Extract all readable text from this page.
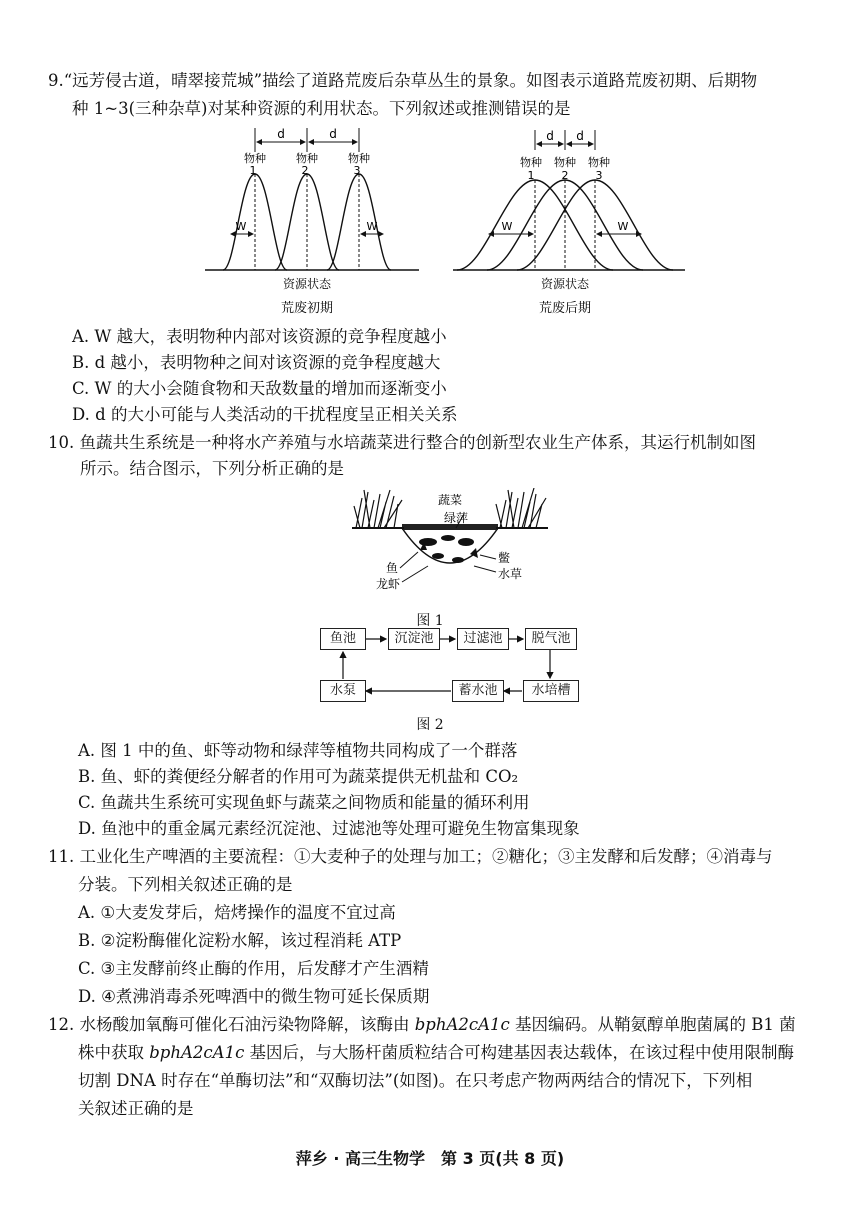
9.“远芳侵古道，晴翠接荒城”描绘了道路荒废后杂草丛生的景象。如图表示道路荒废初期、后期物
种 1~3(三种杂草)对某种资源的利用状态。下列叙述或推测错误的是
d	d
物种	物种	物种
1	2	3
W	W
资源状态
荒废初期
d d
物种 物种 物种
1 2 3
W	W
资源状态
荒废后期
A. W 越大，表明物种内部对该资源的竞争程度越小
B. d 越小，表明物种之间对该资源的竞争程度越大
C. W 的大小会随食物和天敌数量的增加而逐渐变小
D. d 的大小可能与人类活动的干扰程度呈正相关关系
10. 鱼蔬共生系统是一种将水产养殖与水培蔬菜进行整合的创新型农业生产体系，其运行机制如图
所示。结合图示，下列分析正确的是
蔬菜
绿萍
鳖
水草
鱼
龙虾
图 1
鱼池	沉淀池	过滤池	脱气池
水泵	蓄水池	水培槽
图 2
A. 图 1 中的鱼、虾等动物和绿萍等植物共同构成了一个群落
B. 鱼、虾的粪便经分解者的作用可为蔬菜提供无机盐和 CO₂
C. 鱼蔬共生系统可实现鱼虾与蔬菜之间物质和能量的循环利用
D. 鱼池中的重金属元素经沉淀池、过滤池等处理可避免生物富集现象
11. 工业化生产啤酒的主要流程：①大麦种子的处理与加工；②糖化；③主发酵和后发酵；④消毒与
分装。下列相关叙述正确的是
A. ①大麦发芽后，焙烤操作的温度不宜过高
B. ②淀粉酶催化淀粉水解，该过程消耗 ATP
C. ③主发酵前终止酶的作用，后发酵才产生酒精
D. ④煮沸消毒杀死啤酒中的微生物可延长保质期
12. 水杨酸加氧酶可催化石油污染物降解，该酶由 bphA2cA1c 基因编码。从鞘氨醇单胞菌属的 B1 菌
株中获取 bphA2cA1c 基因后，与大肠杆菌质粒结合可构建基因表达载体，在该过程中使用限制酶
切割 DNA 时存在“单酶切法”和“双酶切法”(如图)。在只考虑产物两两结合的情况下，下列相
关叙述正确的是
萍乡 · 高三生物学　第 3 页(共 8 页)
